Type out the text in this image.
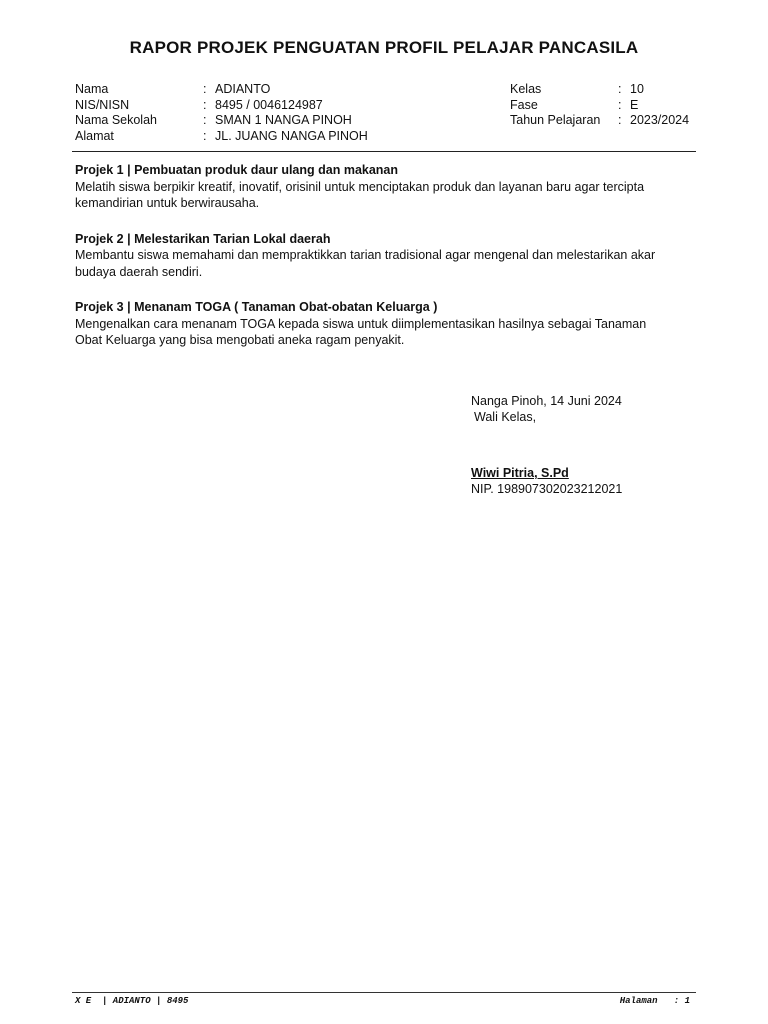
RAPOR PROJEK PENGUATAN PROFIL PELAJAR PANCASILA
Nama	: ADIANTO
NIS/NISN	: 8495 / 0046124987
Nama Sekolah	: SMAN 1 NANGA PINOH
Alamat	: JL. JUANG NANGA PINOH
Kelas	: 10
Fase	: E
Tahun Pelajaran	: 2023/2024
Projek 1 | Pembuatan produk daur ulang dan makanan
Melatih siswa berpikir kreatif, inovatif, orisinil untuk menciptakan produk dan layanan baru agar tercipta kemandirian untuk berwirausaha.
Projek 2 | Melestarikan Tarian Lokal daerah
Membantu siswa memahami dan mempraktikkan tarian tradisional agar mengenal dan melestarikan akar budaya daerah sendiri.
Projek 3 | Menanam TOGA ( Tanaman Obat-obatan Keluarga )
Mengenalkan cara menanam TOGA kepada siswa untuk diimplementasikan hasilnya sebagai Tanaman Obat Keluarga yang bisa mengobati aneka ragam penyakit.
Nanga Pinoh, 14 Juni 2024
Wali Kelas,
Wiwi Pitria, S.Pd
NIP. 198907302023212021
X E  | ADIANTO | 8495	Halaman   : 1
